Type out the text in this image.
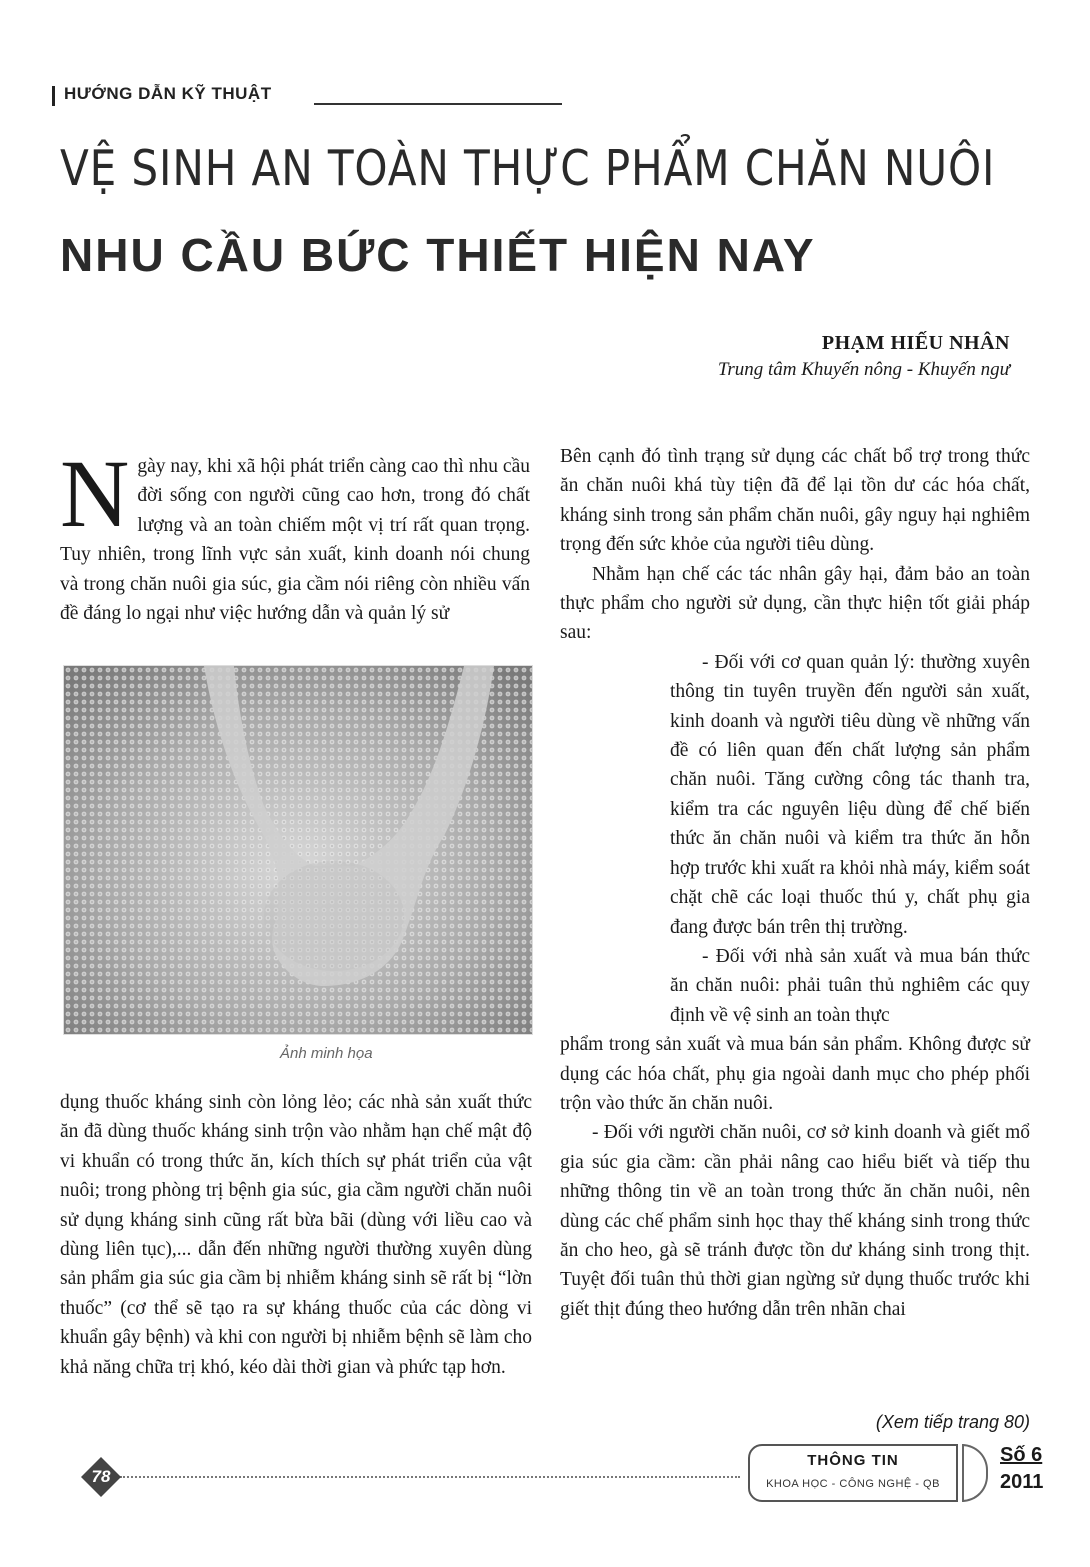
HƯỚNG DẪN KỸ THUẬT
VỆ SINH AN TOÀN THỰC PHẨM CHĂN NUÔI
NHU CẦU BỨC THIẾT HIỆN NAY
PHẠM HIẾU NHÂN
Trung tâm Khuyến nông - Khuyến ngư

Ngày nay, khi xã hội phát triển càng cao thì nhu cầu đời sống con người cũng cao hơn, trong đó chất lượng và an toàn chiếm một vị trí rất quan trọng. Tuy nhiên, trong lĩnh vực sản xuất, kinh doanh nói chung và trong chăn nuôi gia súc, gia cầm nói riêng còn nhiều vấn đề đáng lo ngại như việc hướng dẫn và quản lý sử

Ảnh minh họa

dụng thuốc kháng sinh còn lỏng lẻo; các nhà sản xuất thức ăn đã dùng thuốc kháng sinh trộn vào nhằm hạn chế mật độ vi khuẩn có trong thức ăn, kích thích sự phát triển của vật nuôi; trong phòng trị bệnh gia súc, gia cầm người chăn nuôi sử dụng kháng sinh cũng rất bừa bãi (dùng với liều cao và dùng liên tục),... dẫn đến những người thường xuyên dùng sản phẩm gia súc gia cầm bị nhiễm kháng sinh sẽ rất bị “lờn thuốc” (cơ thể sẽ tạo ra sự kháng thuốc của các dòng vi khuẩn gây bệnh) và khi con người bị nhiễm bệnh sẽ làm cho khả năng chữa trị khó, kéo dài thời gian và phức tạp hơn.

Bên cạnh đó tình trạng sử dụng các chất bổ trợ trong thức ăn chăn nuôi khá tùy tiện đã để lại tồn dư các hóa chất, kháng sinh trong sản phẩm chăn nuôi, gây nguy hại nghiêm trọng đến sức khỏe của người tiêu dùng.

Nhằm hạn chế các tác nhân gây hại, đảm bảo an toàn thực phẩm cho người sử dụng, cần thực hiện tốt giải pháp sau:

- Đối với cơ quan quản lý: thường xuyên thông tin tuyên truyền đến người sản xuất, kinh doanh và người tiêu dùng về những vấn đề có liên quan đến chất lượng sản phẩm chăn nuôi. Tăng cường công tác thanh tra, kiểm tra các nguyên liệu dùng để chế biến thức ăn chăn nuôi và kiểm tra thức ăn hỗn hợp trước khi xuất ra khỏi nhà máy, kiểm soát chặt chẽ các loại thuốc thú y, chất phụ gia đang được bán trên thị trường.

- Đối với nhà sản xuất và mua bán thức ăn chăn nuôi: phải tuân thủ nghiêm các quy định về vệ sinh an toàn thực

phẩm trong sản xuất và mua bán sản phẩm. Không được sử dụng các hóa chất, phụ gia ngoài danh mục cho phép phối trộn vào thức ăn chăn nuôi.

- Đối với người chăn nuôi, cơ sở kinh doanh và giết mổ gia súc gia cầm: cần phải nâng cao hiểu biết và tiếp thu những thông tin về an toàn trong thức ăn chăn nuôi, nên dùng các chế phẩm sinh học thay thế kháng sinh trong thức ăn cho heo, gà sẽ tránh được tồn dư kháng sinh trong thịt. Tuyệt đối tuân thủ thời gian ngừng sử dụng thuốc trước khi giết thịt đúng theo hướng dẫn trên nhãn chai

(Xem tiếp trang 80)
78
THÔNG TIN
KHOA HỌC - CÔNG NGHỆ - QB
Số 6
2011
